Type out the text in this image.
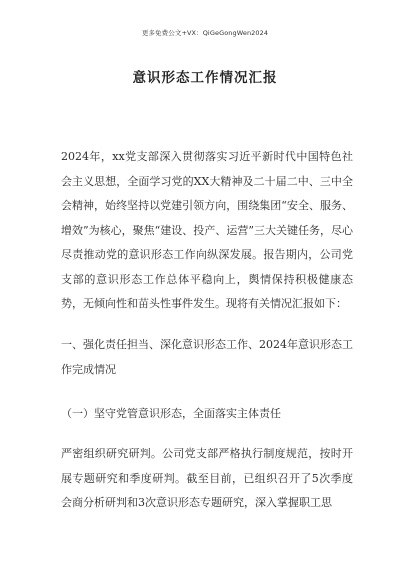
更多免费公文+VX：QiGeGongWen2024
意识形态工作情况汇报

2024年，xx党支部深入贯彻落实习近平新时代中国特色社会主义思想，全面学习党的XX大精神及二十届二中、三中全会精神，始终坚持以党建引领方向，围绕集团“安全、服务、增效”为核心，聚焦“建设、投产、运营”三大关键任务，尽心尽责推动党的意识形态工作向纵深发展。报告期内，公司党支部的意识形态工作总体平稳向上，舆情保持积极健康态势，无倾向性和苗头性事件发生。现将有关情况汇报如下：

一、强化责任担当、深化意识形态工作、2024年意识形态工作完成情况

（一）坚守党管意识形态，全面落实主体责任

严密组织研究研判。公司党支部严格执行制度规范，按时开展专题研究和季度研判。截至目前，已组织召开了5次季度会商分析研判和3次意识形态专题研究，深入掌握职工思
